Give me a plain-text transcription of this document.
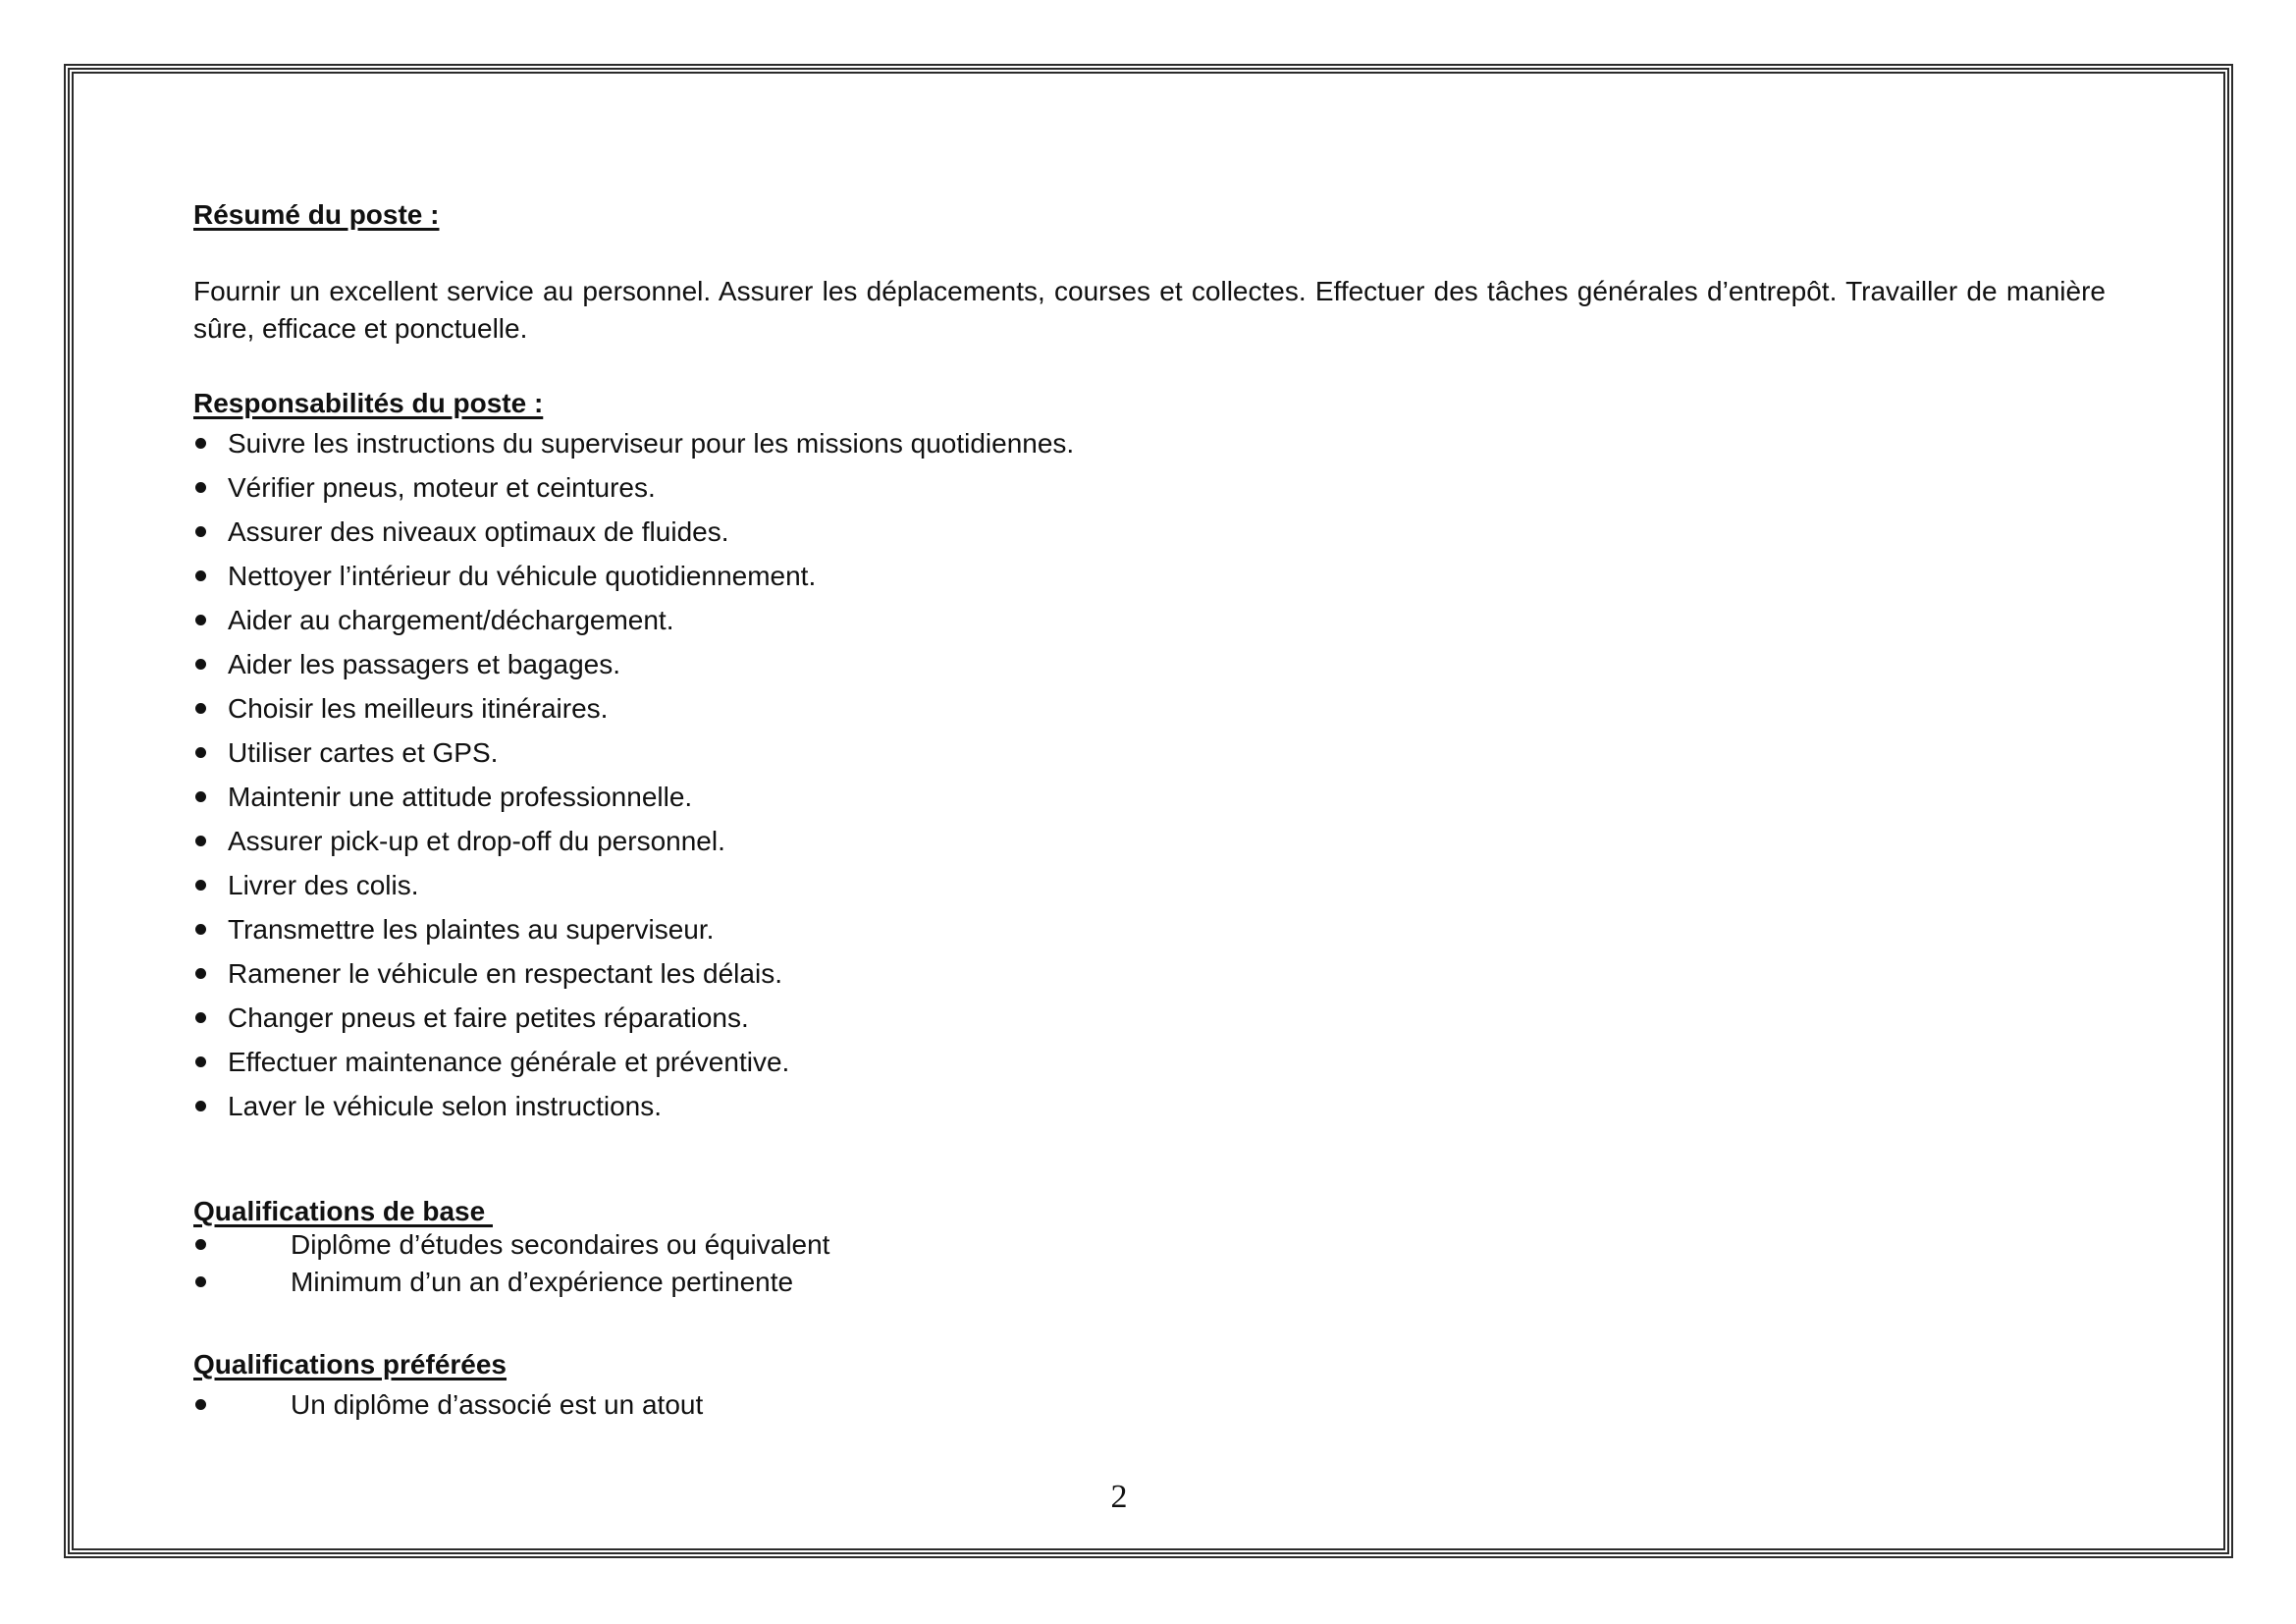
Résumé du poste :

Fournir un excellent service au personnel. Assurer les déplacements, courses et collectes. Effectuer des tâches générales d’entrepôt. Travailler de manière sûre, efficace et ponctuelle.

Responsabilités du poste :
Suivre les instructions du superviseur pour les missions quotidiennes.
Vérifier pneus, moteur et ceintures.
Assurer des niveaux optimaux de fluides.
Nettoyer l’intérieur du véhicule quotidiennement.
Aider au chargement/déchargement.
Aider les passagers et bagages.
Choisir les meilleurs itinéraires.
Utiliser cartes et GPS.
Maintenir une attitude professionnelle.
Assurer pick-up et drop-off du personnel.
Livrer des colis.
Transmettre les plaintes au superviseur.
Ramener le véhicule en respectant les délais.
Changer pneus et faire petites réparations.
Effectuer maintenance générale et préventive.
Laver le véhicule selon instructions.
Qualifications de base
Diplôme d’études secondaires ou équivalent
Minimum d’un an d’expérience pertinente
Qualifications préférées
Un diplôme d’associé est un atout
2
